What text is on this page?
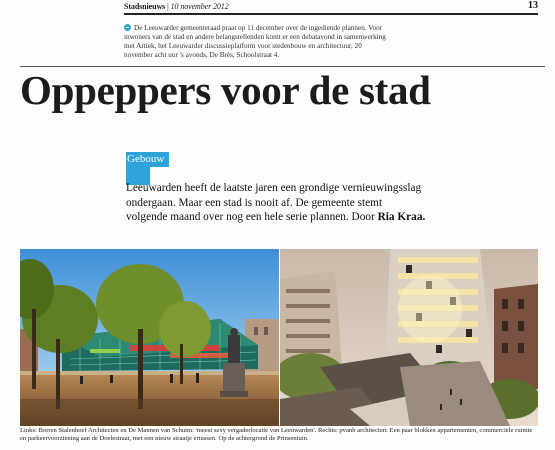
Stadsnieuws | 10 november 2012	13

De Leeuwarder gemeenteraad praat op 11 december over de ingediende plannen. Voor inwoners van de stad en andere belangstellenden komt er een debatavond in samenwerking met Artiek, het Leeuwarder discussieplatform voor stedenbouw en architectuur, 20 november acht uur 's avonds, De Brès, Schoolstraat 4.

Oppeppers voor de stad
Gebouw

Leeuwarden heeft de laatste jaren een grondige vernieuwingsslag ondergaan. Maar een stad is nooit af. De gemeente stemt volgende maand over nog een hele serie plannen. Door Ria Kraa.

Links: Borren Stalenhoef Architecten en De Mannen van Schuim: 'meest sexy vergaderlocatie van Leeuwarden'. Rechts: pvanb architecten: Een paar blokken appartementen, commerciële ruimte en parkeervoorziening aan de Doelestraat, met een nieuw straatje ertussen. Op de achtergrond de Prinsentuin.
